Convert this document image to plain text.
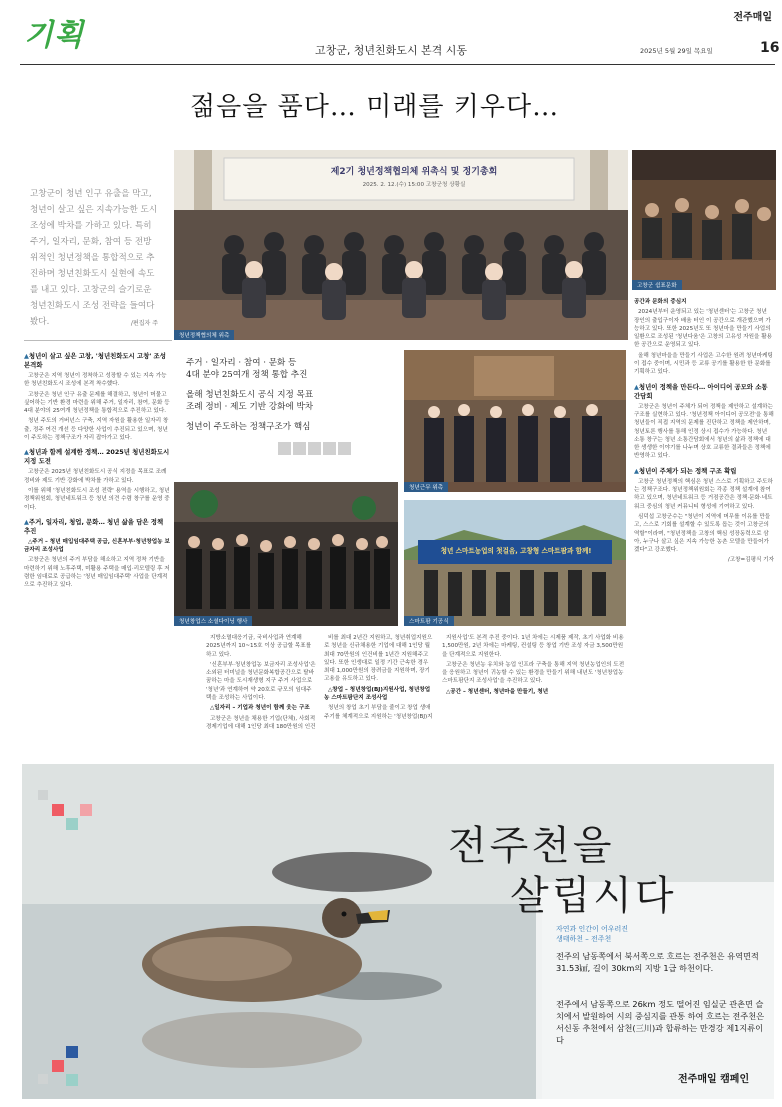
기획
전주매일
고창군, 청년친화도시 본격 시동	2025년 5월 29일 목요일	16
젊음을 품다… 미래를 키우다…
고창군이 청년 인구 유출을 막고, 청년이 살고 싶은 지속가능한 도시 조성에 박차를 가하고 있다. 특히 주거, 일자리, 문화, 참여 등 전방위적인 청년정책을 통합적으로 추진하며 청년친화도시 실현에 속도를 내고 있다. 고창군의 슬기로운 청년친화도시 조성 전략을 들여다봤다.	/편집자 주
제2기 청년정책협의체 위촉식 및 정기총회
2025. 2. 12.(수) 15:00 고창군청 상황실
청년정책협의체 위촉
고창군 쉼표문화
▲ 청년이 살고 싶은 고창, '청년친화도시 고창' 조성 본격화

고창군은 지역 청년이 정착하고 성장할 수 있는 지속 가능한 청년친화도시 조성에 본격 착수했다.

고창군은 청년 인구 유출 문제를 해결하고, 청년이 머물고 싶어하는 기반 환경 마련을 위해 주거, 일자리, 참여, 문화 등 4대 분야의 25여개 청년정책을 통합적으로 추진하고 있다.

청년 주도의 거버넌스 구축, 지역 자원을 활용한 일자리 창출, 정주 여건 개선 등 다양한 사업이 추진되고 있으며, 청년이 주도하는 정책구조가 자리 잡아가고 있다.

▲ 청년과 함께 설계한 정책… 2025년 청년친화도시 지정 도전

고창군은 2025년 청년친화도시 공식 지정을 목표로 조례 정비와 제도 기반 강화에 박차를 가하고 있다.

이를 위해 '청년친화도시 조성 전략' 용역을 시행하고, 청년정책위원회, 청년네트워크 등 청년 의견 수렴 창구를 운영 중이다.

▲ 주거, 일자리, 청업, 문화… 청년 삶을 담은 정책 추진

△주거 – 청년 매입임대주택 공급, 신혼부부·청년창업농 보금자리 조성사업

고창군은 청년의 주거 부담을 해소하고 지역 정착 기반을 마련하기 위해 노후주택, 미활용 주택을 매입·리모델링 후 저렴한 임대료로 공급하는 '청년 매입임대주택' 사업을 단계적으로 추진하고 있다.

주거 · 일자리 · 참여 · 문화 등
4대 분야 25여개 정책 통합 추진
올해 청년친화도시 공식 지정 목표
조례 정비 · 제도 기반 강화에 박차
청년이 주도하는 정책구조가 핵심
청년근무 위촉
청년창업스 소셜다이닝 행사
청년 스마트농업의 첫걸음, 고창형 스마트팜과 함께!
스마트팜 기공식

지방소멸대응기금, 국비사업과 연계해 2025년까지 10~15호 이상 공급할 목표를 하고 있다.

'신혼부부·청년창업농 보금자리 조성사업'은 소외된 터미널을 청년문화복합공간으로 탈바꿈하는 마을 도시재생형 지구 주거 사업으로 '청년'과 연계하여 약 20호로 규모의 임대주택을 조성하는 사업이다.

△일자리 – 기업과 청년이 함께 웃는 구조

고창군은 청년을 채용한 기업(단체), 사회적경제기업에 대해 1인당 최대 180만원의 인건

비를 최대 2년간 지원하고, 청년취업지원으로 청년을 신규채용한 기업에 대해 1인당 월 최대 70만원의 인건비를 1년간 지원해주고 있다. 또한 인생대로 일정 기간 근속한 경우 최대 1,000만원의 장려금을 지원하며, 장기 고용을 유도하고 있다.

△창업 – 청년창업(BJ)지원사업, 청년창업농 스마트팜단지 조성사업

청년의 창업 초기 부담을 줄이고 창업 생애주기를 체계적으로 지원하는 '청년창업(BJ)지

지원사업'도 본격 추진 중이다. 1년 차에는 시제품 제작, 초기 사업화 비용 1,500만원, 2년 차에는 마케팅, 컨설팅 등 창업 기반 조성 자금 3,500만원을 단계적으로 지원한다.

고창군은 청년농 유치와 농업 인프라 구축을 통해 지역 청년농업인의 도전을 응원하고 청년이 귀농할 수 있는 환경을 만들기 위해 내년도 '청년창업농 스마트팜단지 조성사업'을 추진하고 있다.

△공간 – 청년센터, 청년마을 만들기, 청년

공간과 문화의 중심지

2024년부터 운영되고 있는 '청년센터'는 고창군 청년 장인의 출입구이자 배움 터인 이 공간으로 개관했으며 가능하고 있다. 또한 2025년도 또 청년마을 만들기 사업의 일환으로 조성된 '청년다움'은 고창의 고유성 자원을 활용한 공간으로 운영되고 있다.

올해 청년마을을 만들기 사업은 고수한 원려 청년마케팅이 접수 중이며, 시민과 등 교류 공기를 활용한 한 문화를 기획하고 있다.

▲ 청년이 정책을 만든다… 아이디어 공모와 소통 간담회

고창군은 청년이 주체가 되어 정책을 제안하고 설계하는 구조를 실현하고 있다. '청년정책 아이디어 공모전'을 통해 청년들이 직접 지역의 문제를 진단하고 정책을 제안하며, 청년토론 행사를 통해 인정 상시 접수가 가능하다. 청년 소통 창구는 청년 소통간담회에서 청년의 삶과 정책에 대한 생생한 이야기를 나누며 상호 교류한 결과들은 정책에 반영하고 있다.

▲ 청년이 주체가 되는 정책 구조 확립

고창군 청년정책의 핵심은 청년 스스로 기획하고 주도하는 정책구조다. 청년정책위원회는 각종 정책 설계에 참여하고 있으며, 청년네트워크 등 거점공간은 정책·문화·네트워크 중심의 청년 커뮤니티 형성에 기여하고 있다.

심덕섭 고창군수는 "청년이 지역에 머무를 이유를 만들고, 스스로 기회를 설계할 수 있도록 돕는 것이 고창군의 역할"이라며, "청년정책을 고창의 핵심 성장동력으로 삼아, 누구나 살고 싶은 지속 가능한 농촌 모델을 만들어가겠다"고 강조했다.

/고창=김평식 기자

전주천을
살립시다
자연과 인간이 어우러진
생태하천 – 전주천
전주의 남동쪽에서 북서쪽으로 흐르는 전주천은 유역면적 31.53㎢, 길이 30km의 지방 1급 하천이다.
전주에서 남동쪽으로 26km 정도 떨어진 임실군 관촌면 슬치에서 발원하여 시의 중심지를 관통 하여 흐르는 전주천은 서신동 추천에서 삼천(三川)과 합류하는 만경강 제1지류이다
전주매일 캠페인
